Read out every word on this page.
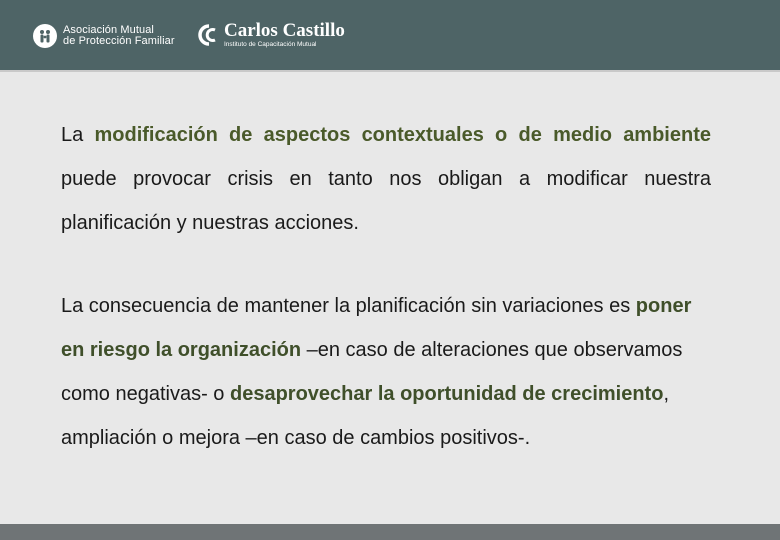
Asociación Mutual
de Protección Familiar	Carlos Castillo
Instituto de Capacitación Mutual
La modificación de aspectos contextuales o de medio ambiente puede provocar crisis en tanto nos obligan a modificar nuestra planificación y nuestras acciones.
La consecuencia de mantener la planificación sin variaciones es poner en riesgo la organización –en caso de alteraciones que observamos como negativas- o desaprovechar la oportunidad de crecimiento, ampliación o mejora –en caso de cambios positivos-.
